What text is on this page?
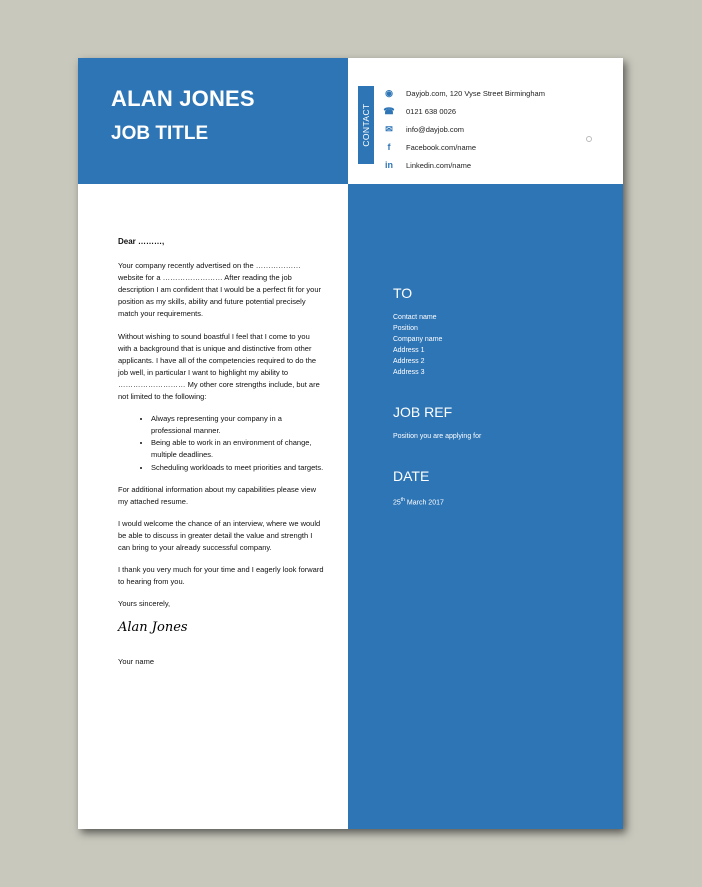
ALAN JONES
JOB TITLE	CONTACT
◉	Dayjob.com, 120 Vyse Street Birmingham
☎ 0121 638 0026
✉	info@dayjob.com
f	Facebook.com/name
in	Linkedin.com/name
TO
Contact name
Position
Company name
Address 1
Address 2
Address 3
JOB REF
Position you are applying for
DATE
25th March 2017

Dear ………,

Your company recently advertised on the ……………… website for a …………………… After reading the job description I am confident that I would be a perfect fit for your position as my skills, ability and future potential precisely match your requirements.

Without wishing to sound boastful I feel that I come to you with a background that is unique and distinctive from other applicants. I have all of the competencies required to do the job well, in particular I want to highlight my ability to ……………………… My other core strengths include, but are not limited to the following:

• Always representing your company in a professional manner.
• Being able to work in an environment of change, multiple deadlines.
• Scheduling workloads to meet priorities and targets.

For additional information about my capabilities please view my attached resume.

I would welcome the chance of an interview, where we would be able to discuss in greater detail the value and strength I can bring to your already successful company.

I thank you very much for your time and I eagerly look forward to hearing from you.

Yours sincerely,

Alan Jones

Your name
